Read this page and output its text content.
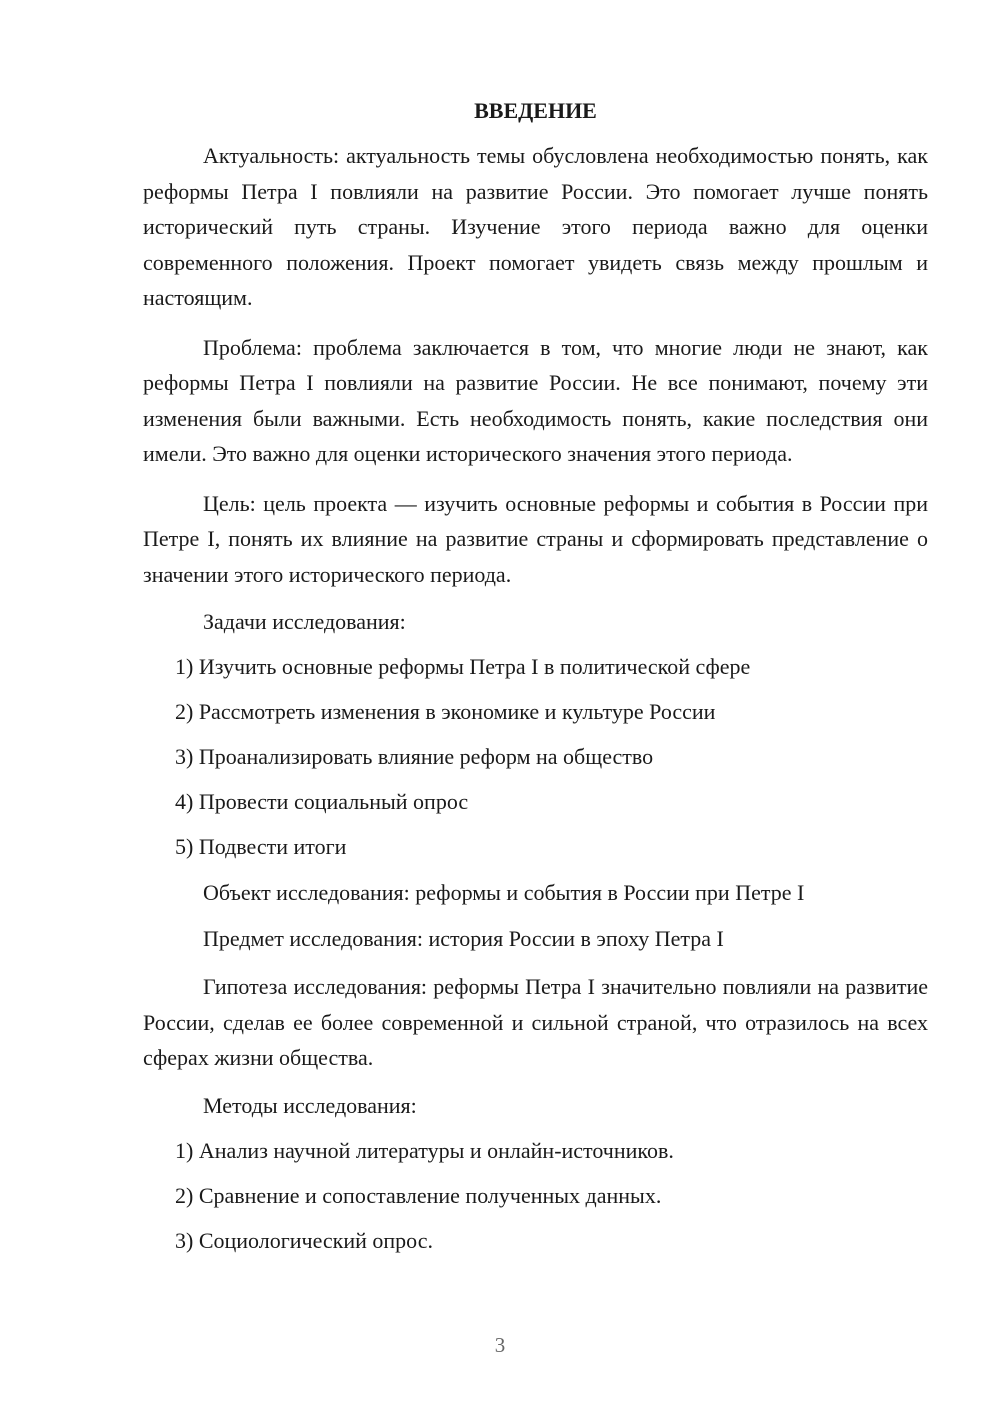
ВВЕДЕНИЕ

Актуальность: актуальность темы обусловлена необходимостью понять, как реформы Петра I повлияли на развитие России. Это помогает лучше понять исторический путь страны. Изучение этого периода важно для оценки современного положения. Проект помогает увидеть связь между прошлым и настоящим.

Проблема: проблема заключается в том, что многие люди не знают, как реформы Петра I повлияли на развитие России. Не все понимают, почему эти изменения были важными. Есть необходимость понять, какие последствия они имели. Это важно для оценки исторического значения этого периода.

Цель: цель проекта — изучить основные реформы и события в России при Петре I, понять их влияние на развитие страны и сформировать представление о значении этого исторического периода.

Задачи исследования:
1) Изучить основные реформы Петра I в политической сфере
2) Рассмотреть изменения в экономике и культуре России
3) Проанализировать влияние реформ на общество
4) Провести социальный опрос
5) Подвести итоги
Объект исследования: реформы и события в России при Петре I
Предмет исследования: история России в эпоху Петра I

Гипотеза исследования: реформы Петра I значительно повлияли на развитие России, сделав ее более современной и сильной страной, что отразилось на всех сферах жизни общества.

Методы исследования:
1) Анализ научной литературы и онлайн-источников.
2) Сравнение и сопоставление полученных данных.
3) Социологический опрос.
3
